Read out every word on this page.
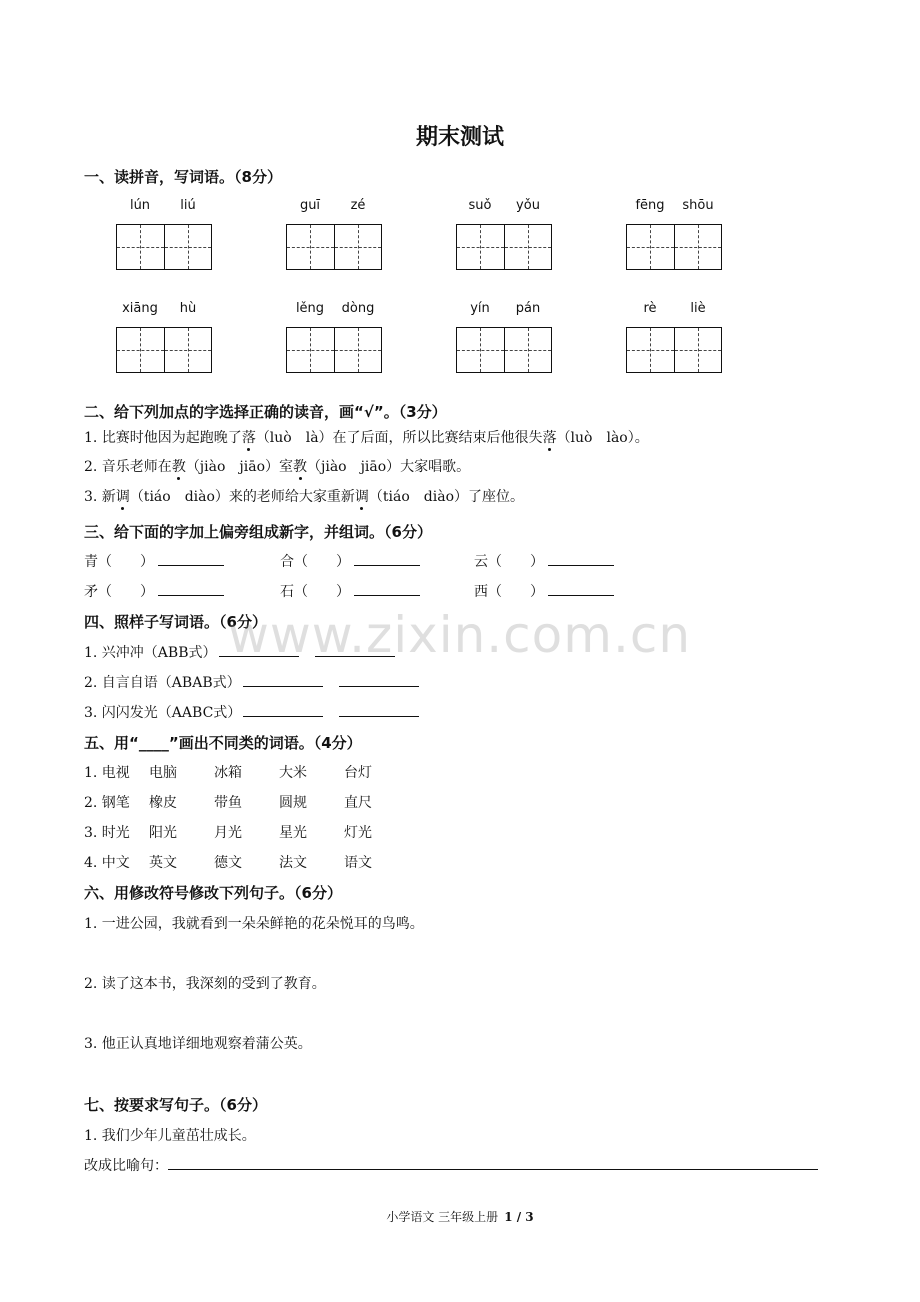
期末测试
一、读拼音，写词语。（8分）
lún	liú	guī	zé	suǒ	yǒu	fēng	shōu
xiāng	hù	lěng	dòng	yín	pán	rè	liè
二、给下列加点的字选择正确的读音，画“√”。（3分）
1. 比赛时他因为起跑晚了落（luò　là）在了后面，所以比赛结束后他很失落（luò　lào）。
2. 音乐老师在教（jiào　jiāo）室教（jiào　jiāo）大家唱歌。
3. 新调（tiáo　diào）来的老师给大家重新调（tiáo　diào）了座位。
三、给下面的字加上偏旁组成新字，并组词。（6分）
青（　　）	合（　　）	云（　　）
矛（　　）	石（　　）	西（　　）
四、照样子写词语。（6分）
1. 兴冲冲（ABB式）
2. 自言自语（ABAB式）
3. 闪闪发光（AABC式）
五、用“____”画出不同类的词语。（4分）
1. 电视 电脑	冰箱	大米	台灯
2. 钢笔 橡皮	带鱼	圆规	直尺
3. 时光 阳光	月光	星光	灯光
4. 中文 英文	德文	法文	语文
六、用修改符号修改下列句子。（6分）
1. 一进公园，我就看到一朵朵鲜艳的花朵悦耳的鸟鸣。
2. 读了这本书，我深刻的受到了教育。
3. 他正认真地详细地观察着蒲公英。
七、按要求写句子。（6分）
1. 我们少年儿童茁壮成长。
改成比喻句：
www.zixin.com.cn
小学语文 三年级上册 1 / 3
